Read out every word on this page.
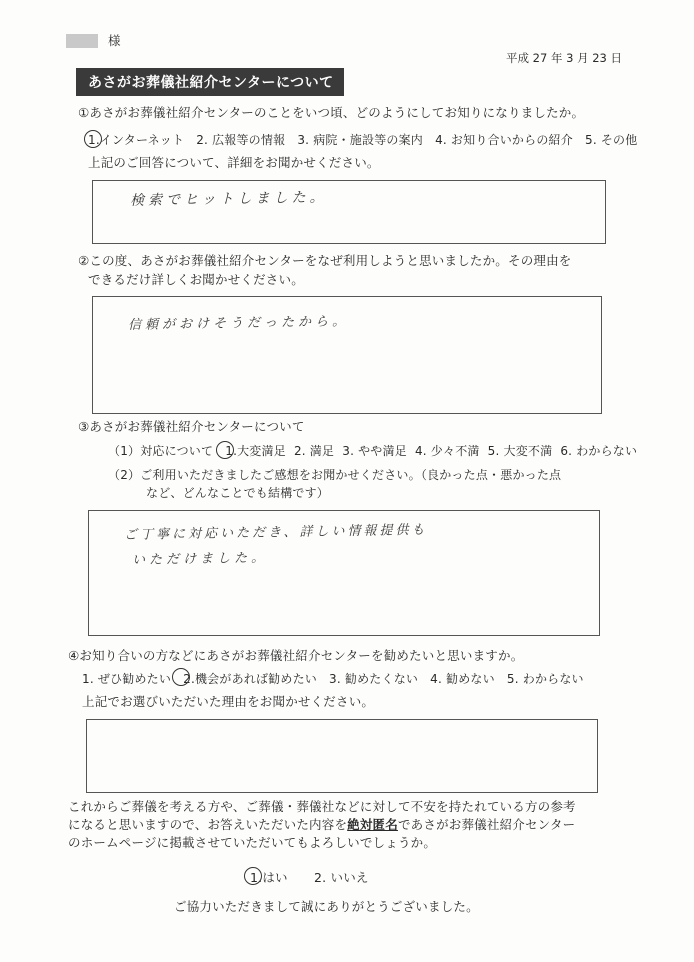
様
平成 27 年 3 月 23 日
あさがお葬儀社紹介センターについて
①あさがお葬儀社紹介センターのことをいつ頃、どのようにしてお知りになりましたか。
1.インターネット 2. 広報等の情報 3. 病院・施設等の案内 4. お知り合いからの紹介 5. その他
上記のご回答について、詳細をお聞かせください。
検索でヒットしました。
②この度、あさがお葬儀社紹介センターをなぜ利用しようと思いましたか。その理由を
できるだけ詳しくお聞かせください。
信頼がおけそうだったから。
③あさがお葬儀社紹介センターについて
（1）対応について 1.大変満足 2. 満足 3. やや満足 4. 少々不満 5. 大変不満 6. わからない
（2）ご利用いただきましたご感想をお聞かせください。（良かった点・悪かった点
など、どんなことでも結構です）
ご丁寧に対応いただき、詳しい情報提供も
いただけました。
④お知り合いの方などにあさがお葬儀社紹介センターを勧めたいと思いますか。
1. ぜひ勧めたい 2.機会があれば勧めたい 3. 勧めたくない 4. 勧めない 5. わからない
上記でお選びいただいた理由をお聞かせください。
これからご葬儀を考える方や、ご葬儀・葬儀社などに対して不安を持たれている方の参考
になると思いますので、お答えいただいた内容を絶対匿名であさがお葬儀社紹介センター
のホームページに掲載させていただいてもよろしいでしょうか。
1.はい 2. いいえ
ご協力いただきまして誠にありがとうございました。
